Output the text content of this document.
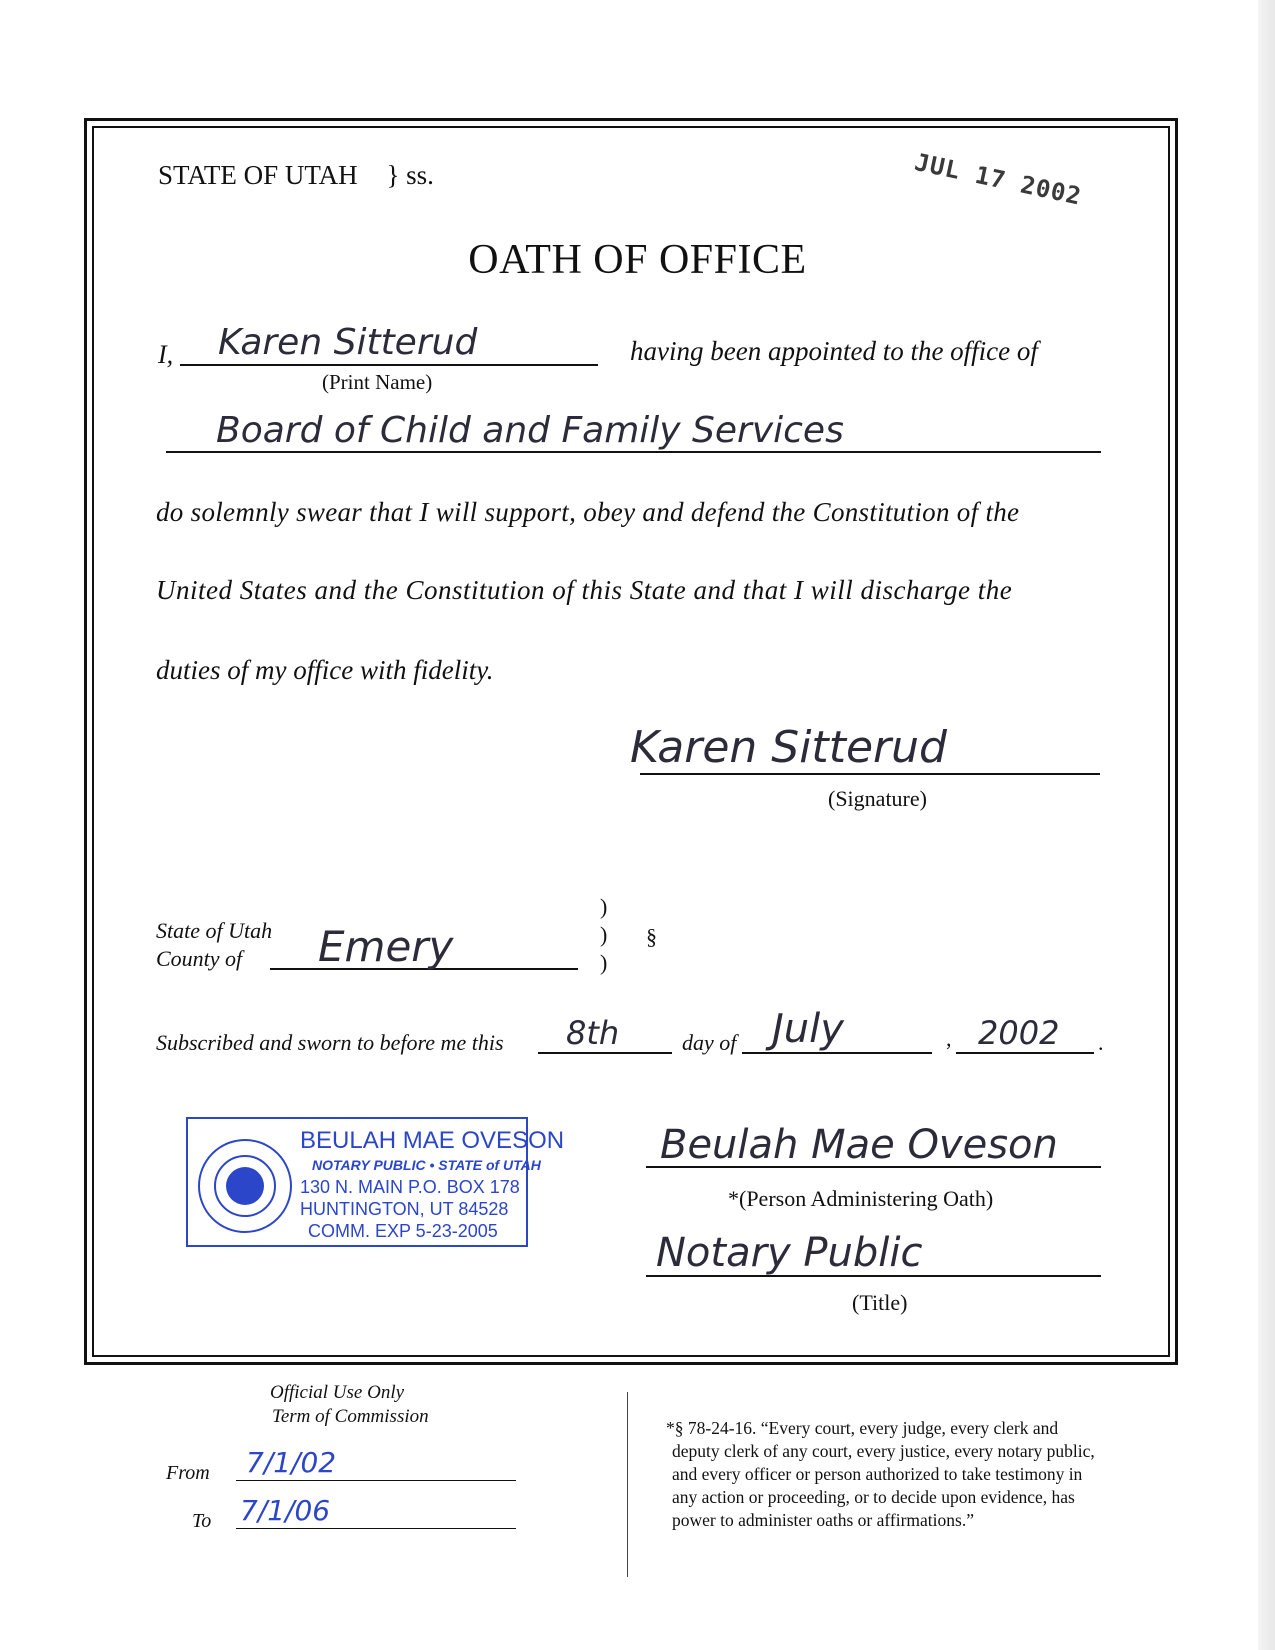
STATE OF UTAH } ss.	JUL 17 2002
OATH OF OFFICE
I, Karen Sitterud
(Print Name)
having been appointed to the office of
Board of Child and Family Services
do solemnly swear that I will support, obey and defend the Constitution of the
United States and the Constitution of this State and that I will discharge the
duties of my office with fidelity.
Karen Sitterud
(Signature)
State of Utah
County of Emery
)
)
)
§
Subscribed and sworn to before me this 8th	day of July	, 2002 .
BEULAH MAE OVESON
NOTARY PUBLIC • STATE of UTAH
130 N. MAIN P.O. BOX 178
HUNTINGTON, UT 84528
COMM. EXP 5-23-2005
Beulah Mae Oveson
*(Person Administering Oath)
Notary Public
(Title)
Official Use Only
Term of Commission
From 7/1/02
To 7/1/06
*§ 78-24-16. “Every court, every judge, every clerk and
deputy clerk of any court, every justice, every notary public,
and every officer or person authorized to take testimony in
any action or proceeding, or to decide upon evidence, has
power to administer oaths or affirmations.”
